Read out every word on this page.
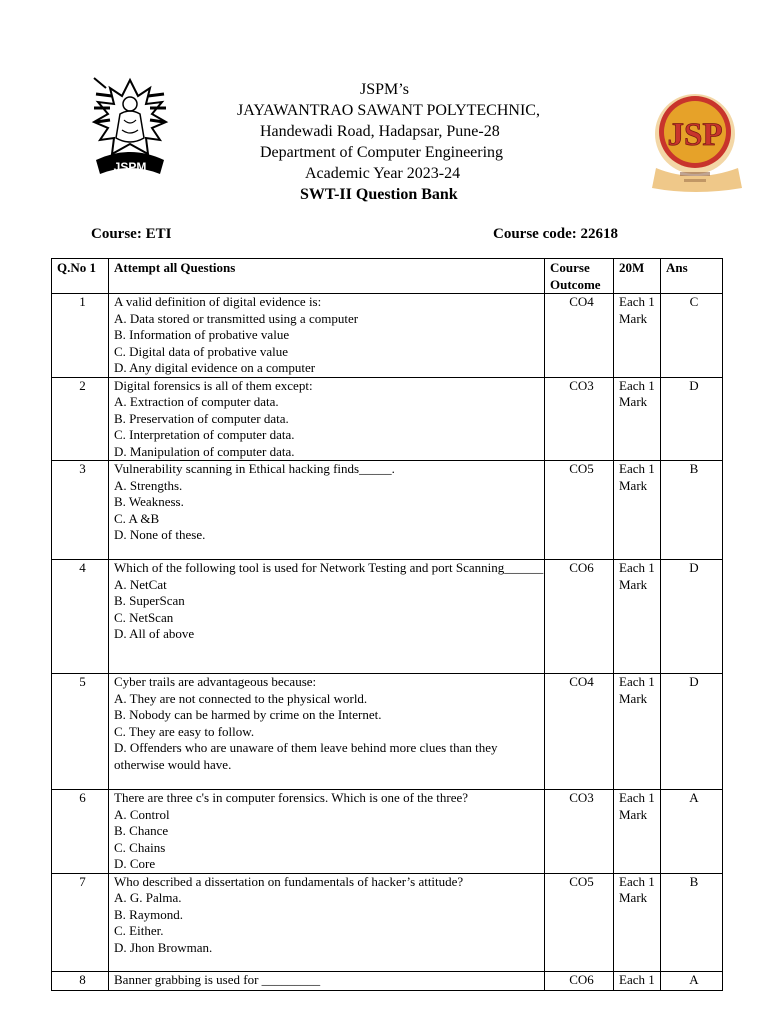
JSPM
JSP
JSPM’s
JAYAWANTRAO SAWANT POLYTECHNIC,
Handewadi Road, Hadapsar, Pune-28
Department of Computer Engineering
Academic Year 2023-24
SWT-II Question Bank
Course: ETI	Course code: 22618
Q.No 1	Attempt all Questions	Course Outcome	20M	Ans
1	A valid definition of digital evidence is:
A. Data stored or transmitted using a computer
B. Information of probative value
C. Digital data of probative value
D. Any digital evidence on a computer	CO4	Each 1 Mark	C
2	Digital forensics is all of them except:
A. Extraction of computer data.
B. Preservation of computer data.
C. Interpretation of computer data.
D. Manipulation of computer data.	CO3	Each 1 Mark	D
3	Vulnerability scanning in Ethical hacking finds_____.
A. Strengths.
B. Weakness.
C. A &B
D. None of these.	CO5	Each 1 Mark	B
4	Which of the following tool is used for Network Testing and port Scanning______
A. NetCat
B. SuperScan
C. NetScan
D. All of above	CO6	Each 1 Mark	D
5	Cyber trails are advantageous because:
A. They are not connected to the physical world.
B. Nobody can be harmed by crime on the Internet.
C. They are easy to follow.
D. Offenders who are unaware of them leave behind more clues than they otherwise would have.	CO4	Each 1 Mark	D
6	There are three c's in computer forensics. Which is one of the three?
A. Control
B. Chance
C. Chains
D. Core	CO3	Each 1 Mark	A
7	Who described a dissertation on fundamentals of hacker’s attitude?
A. G. Palma.
B. Raymond.
C. Either.
D. Jhon Browman.	CO5	Each 1 Mark	B
8	Banner grabbing is used for _________	CO6	Each 1	A
